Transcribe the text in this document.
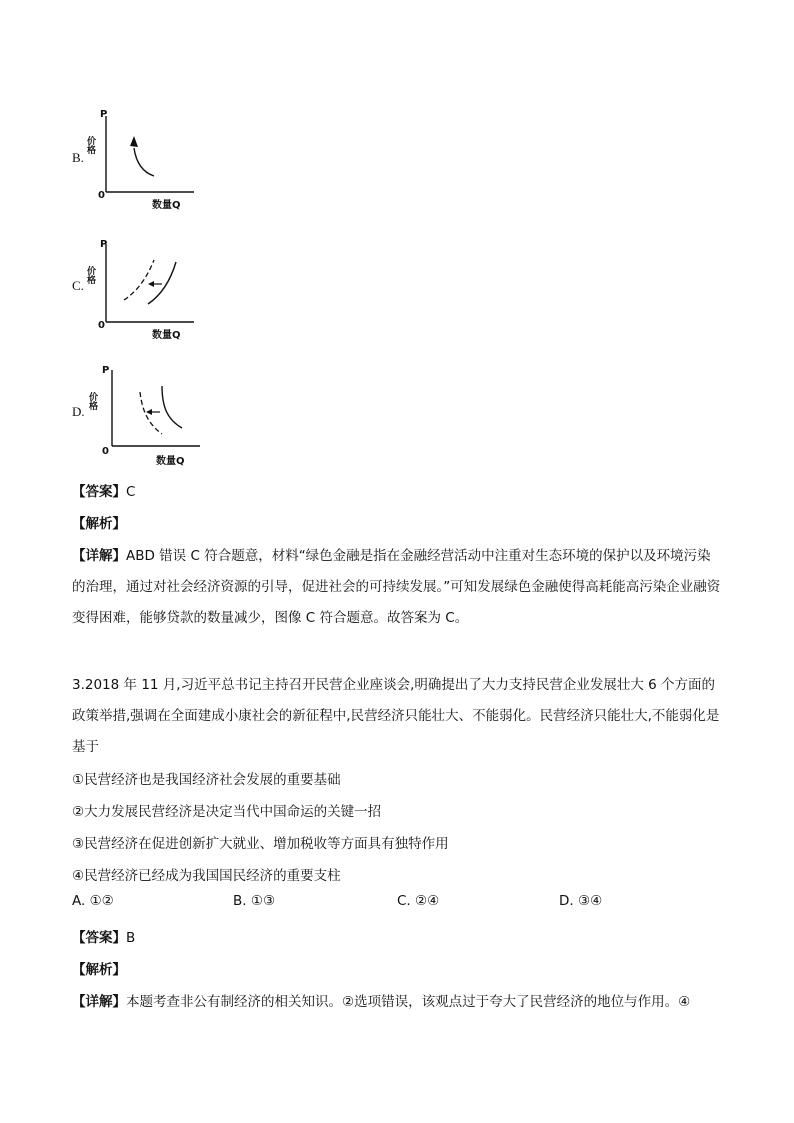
B.
P
价格
0
数量Q
C.
P
价格
0
数量Q
D.
P
价格
0
数量Q

【答案】C

【解析】

【详解】ABD 错误 C 符合题意，材料“绿色金融是指在金融经营活动中注重对生态环境的保护以及环境污染的治理，通过对社会经济资源的引导，促进社会的可持续发展。”可知发展绿色金融使得高耗能高污染企业融资变得困难，能够贷款的数量减少，图像 C 符合题意。故答案为 C。

3.2018 年 11 月,习近平总书记主持召开民营企业座谈会,明确提出了大力支持民营企业发展壮大 6 个方面的政策举措,强调在全面建成小康社会的新征程中,民营经济只能壮大、不能弱化。民营经济只能壮大,不能弱化是基于

①民营经济也是我国经济社会发展的重要基础

②大力发展民营经济是决定当代中国命运的关键一招

③民营经济在促进创新扩大就业、增加税收等方面具有独特作用

④民营经济已经成为我国国民经济的重要支柱

A. ①②	B. ①③	C. ②④	D. ③④

【答案】B

【解析】

【详解】本题考查非公有制经济的相关知识。②选项错误，该观点过于夸大了民营经济的地位与作用。④
